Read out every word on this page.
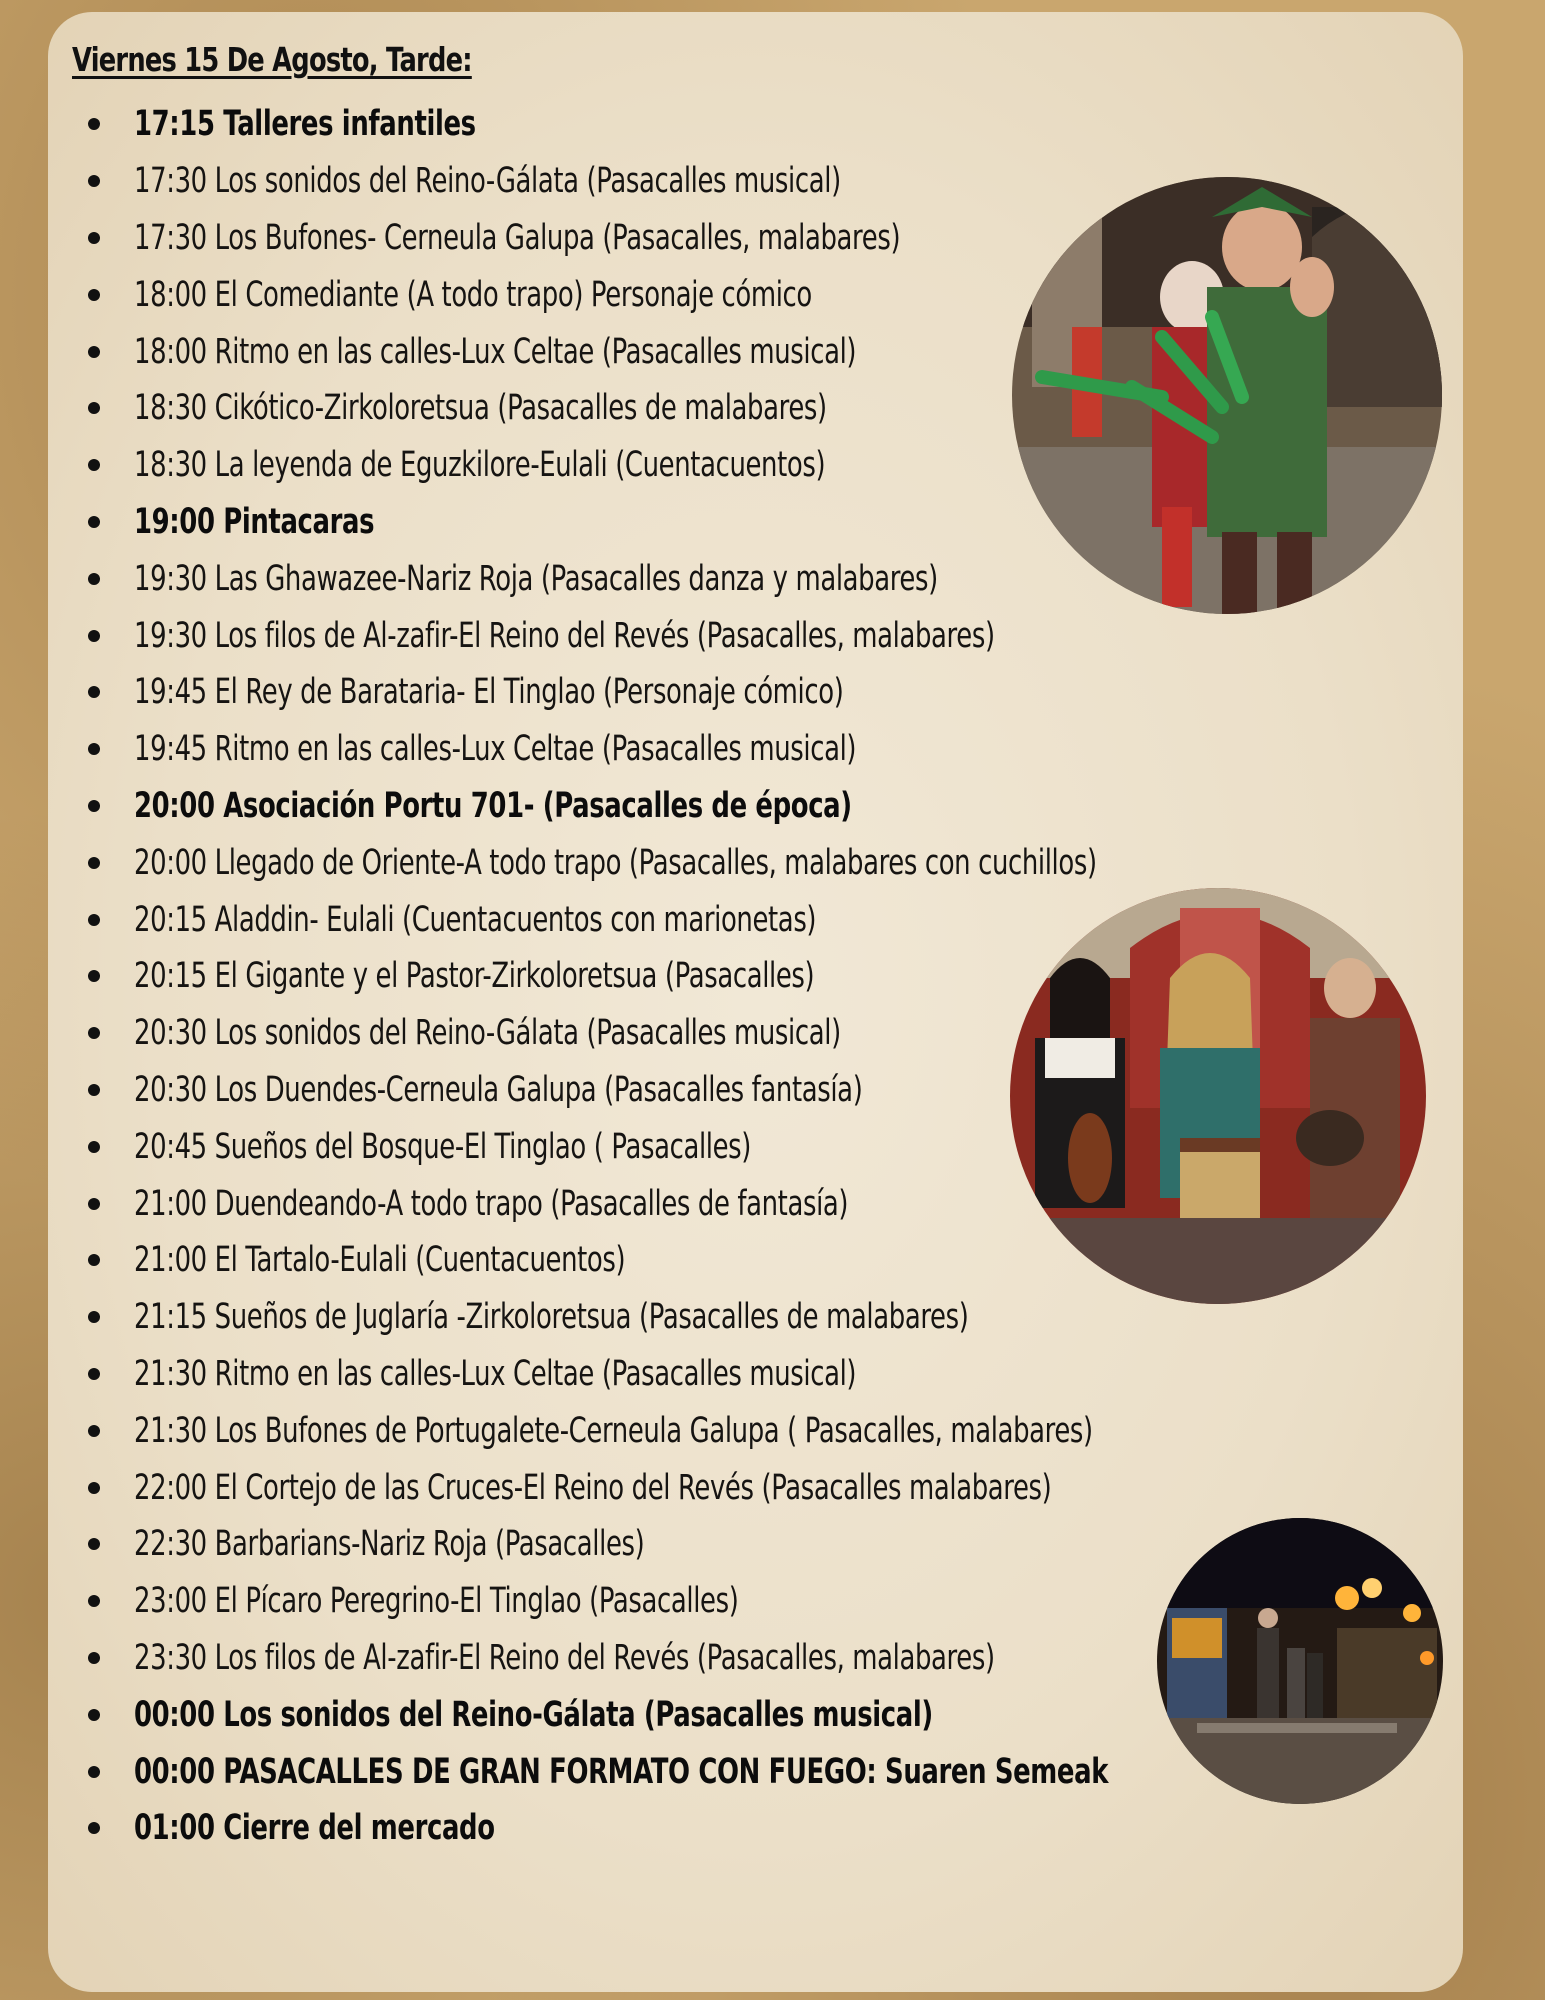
Viernes 15 De Agosto, Tarde:
17:15 Talleres infantiles
17:30 Los sonidos del Reino-Gálata (Pasacalles musical)
17:30 Los Bufones- Cerneula Galupa (Pasacalles, malabares)
18:00 El Comediante (A todo trapo) Personaje cómico
18:00 Ritmo en las calles-Lux Celtae (Pasacalles musical)
18:30 Cikótico-Zirkoloretsua (Pasacalles de malabares)
18:30 La leyenda de Eguzkilore-Eulali (Cuentacuentos)
19:00 Pintacaras
19:30 Las Ghawazee-Nariz Roja (Pasacalles danza y malabares)
19:30 Los filos de Al-zafir-El Reino del Revés (Pasacalles, malabares)
19:45 El Rey de Barataria- El Tinglao (Personaje cómico)
19:45 Ritmo en las calles-Lux Celtae (Pasacalles musical)
20:00 Asociación Portu 701- (Pasacalles de época)
20:00 Llegado de Oriente-A todo trapo (Pasacalles, malabares con cuchillos)
20:15 Aladdin- Eulali (Cuentacuentos con marionetas)
20:15 El Gigante y el Pastor-Zirkoloretsua (Pasacalles)
20:30 Los sonidos del Reino-Gálata (Pasacalles musical)
20:30 Los Duendes-Cerneula Galupa (Pasacalles fantasía)
20:45 Sueños del Bosque-El Tinglao ( Pasacalles)
21:00 Duendeando-A todo trapo (Pasacalles de fantasía)
21:00 El Tartalo-Eulali (Cuentacuentos)
21:15 Sueños de Juglaría -Zirkoloretsua (Pasacalles de malabares)
21:30 Ritmo en las calles-Lux Celtae (Pasacalles musical)
21:30 Los Bufones de Portugalete-Cerneula Galupa ( Pasacalles, malabares)
22:00 El Cortejo de las Cruces-El Reino del Revés (Pasacalles malabares)
22:30 Barbarians-Nariz Roja (Pasacalles)
23:00 El Pícaro Peregrino-El Tinglao (Pasacalles)
23:30 Los filos de Al-zafir-El Reino del Revés (Pasacalles, malabares)
00:00 Los sonidos del Reino-Gálata (Pasacalles musical)
00:00 PASACALLES DE GRAN FORMATO CON FUEGO: Suaren Semeak
01:00 Cierre del mercado
